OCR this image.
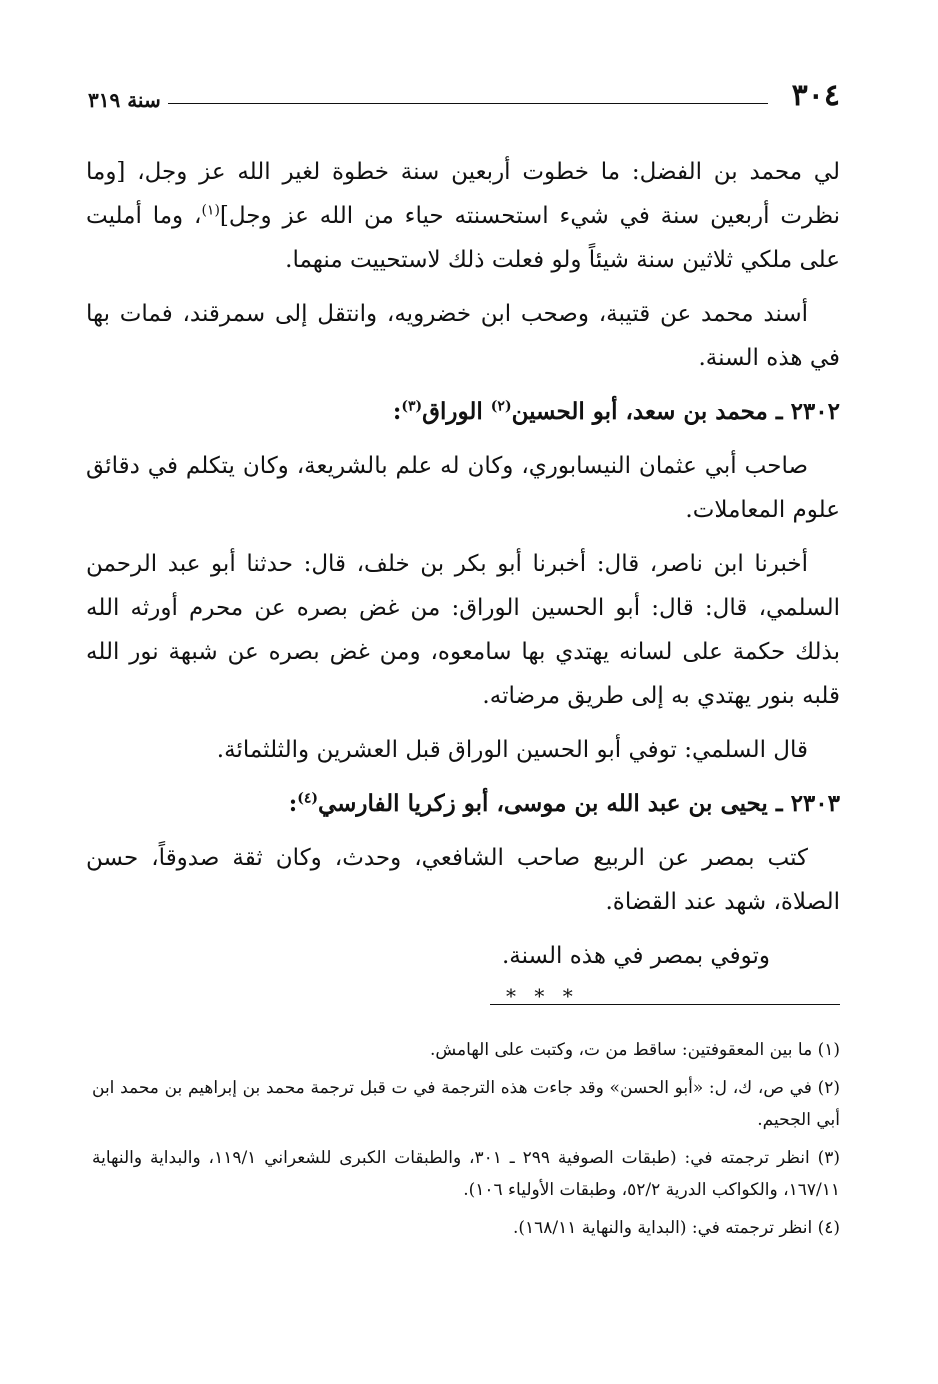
٣٠٤
سنة ٣١٩

لي محمد بن الفضل: ما خطوت أربعين سنة خطوة لغير الله عز وجل، [وما نظرت أربعين سنة في شيء استحسنته حياء من الله عز وجل]$^{(١)}$، وما أمليت على ملكي ثلاثين سنة شيئاً ولو فعلت ذلك لاستحييت منهما.

أسند محمد عن قتيبة، وصحب ابن خضرويه، وانتقل إلى سمرقند، فمات بها في هذه السنة.

٢٣٠٢ ـ محمد بن سعد، أبو الحسين$^{(٢)}$ الوراق$^{(٣)}$:

صاحب أبي عثمان النيسابوري، وكان له علم بالشريعة، وكان يتكلم في دقائق علوم المعاملات.

أخبرنا ابن ناصر، قال: أخبرنا أبو بكر بن خلف، قال: حدثنا أبو عبد الرحمن السلمي، قال: قال: أبو الحسين الوراق: من غض بصره عن محرم أورثه الله بذلك حكمة على لسانه يهتدي بها سامعوه، ومن غض بصره عن شبهة نور الله قلبه بنور يهتدي به إلى طريق مرضاته.

قال السلمي: توفي أبو الحسين الوراق قبل العشرين والثلثمائة.

٢٣٠٣ ـ يحيى بن عبد الله بن موسى، أبو زكريا الفارسي$^{(٤)}$:

كتب بمصر عن الربيع صاحب الشافعي، وحدث، وكان ثقة صدوقاً، حسن الصلاة، شهد عند القضاة.

وتوفي بمصر في هذه السنة.

* * *

(١) ما بين المعقوفتين: ساقط من ت، وكتبت على الهامش.

(٢) في ص، ك، ل: «أبو الحسن» وقد جاءت هذه الترجمة في ت قبل ترجمة محمد بن إبراهيم بن محمد ابن أبي الجحيم.

(٣) انظر ترجمته في: (طبقات الصوفية ٢٩٩ ـ ٣٠١، والطبقات الكبرى للشعراني ١١٩/١، والبداية والنهاية ١٦٧/١١، والكواكب الدرية ٥٢/٢، وطبقات الأولياء ١٠٦).

(٤) انظر ترجمته في: (البداية والنهاية ١٦٨/١١).
